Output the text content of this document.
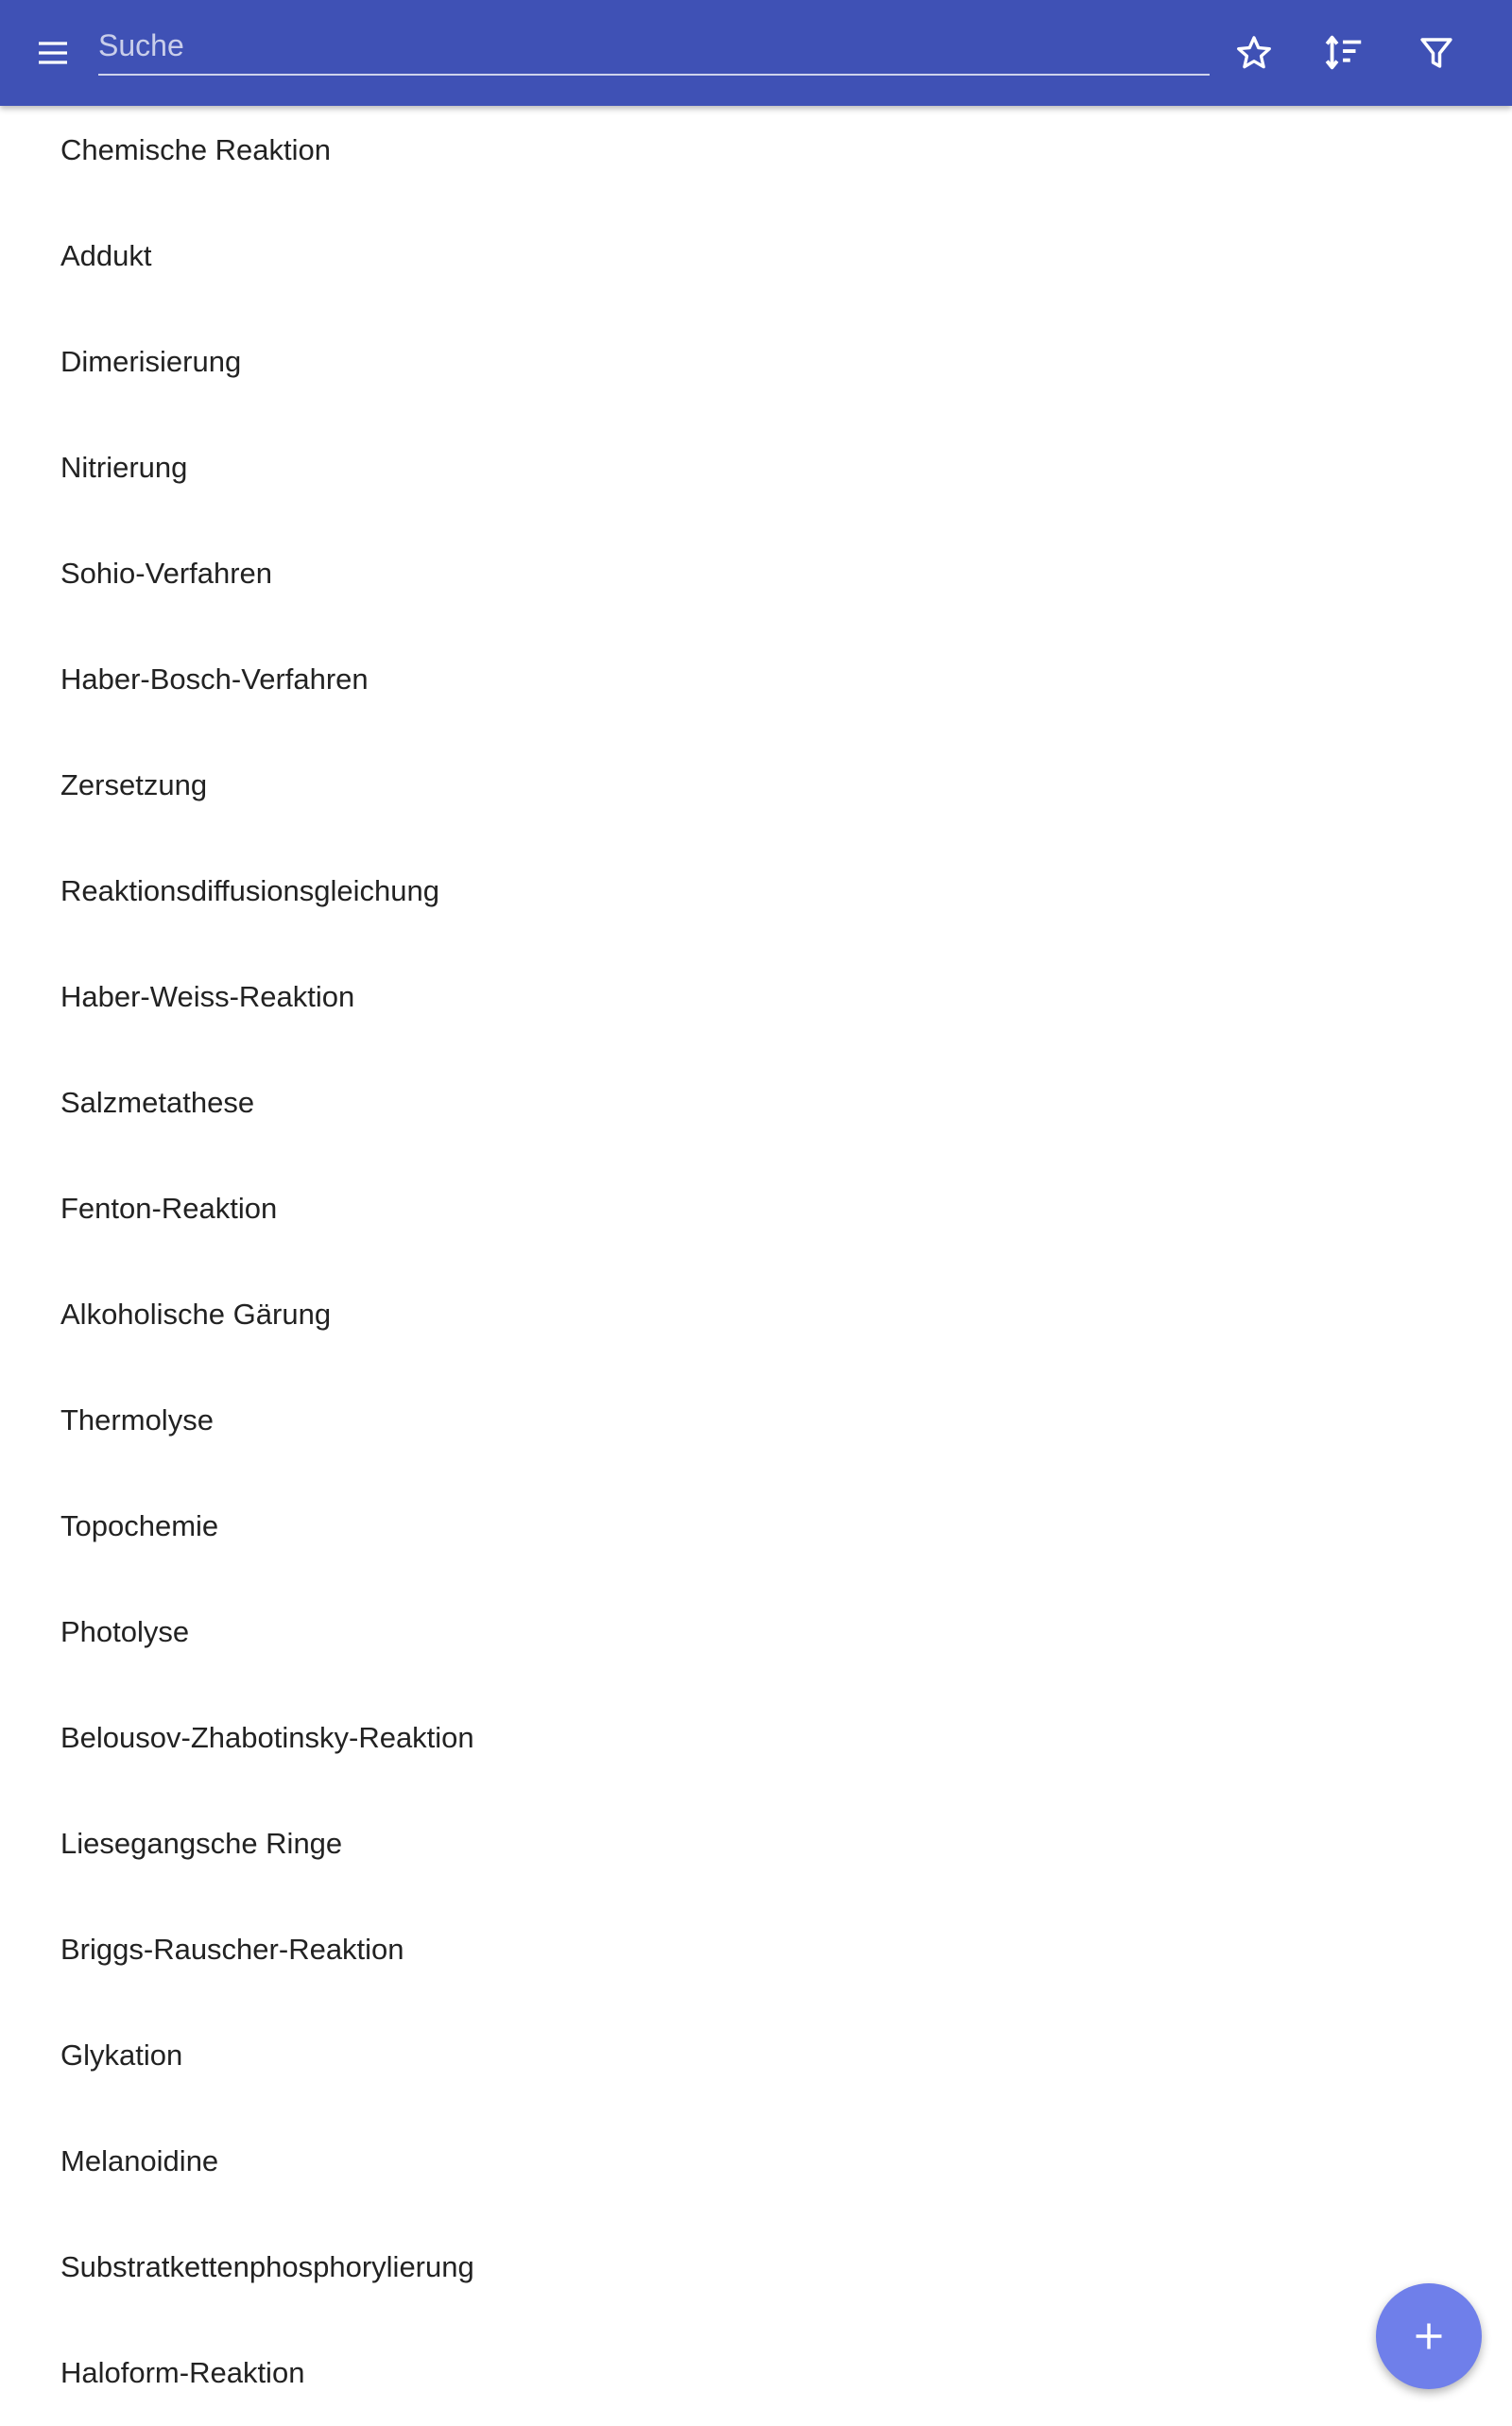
Suche
Chemische Reaktion
Addukt
Dimerisierung
Nitrierung
Sohio-Verfahren
Haber-Bosch-Verfahren
Zersetzung
Reaktionsdiffusionsgleichung
Haber-Weiss-Reaktion
Salzmetathese
Fenton-Reaktion
Alkoholische Gärung
Thermolyse
Topochemie
Photolyse
Belousov-Zhabotinsky-Reaktion
Liesegangsche Ringe
Briggs-Rauscher-Reaktion
Glykation
Melanoidine
Substratkettenphosphorylierung
Haloform-Reaktion
